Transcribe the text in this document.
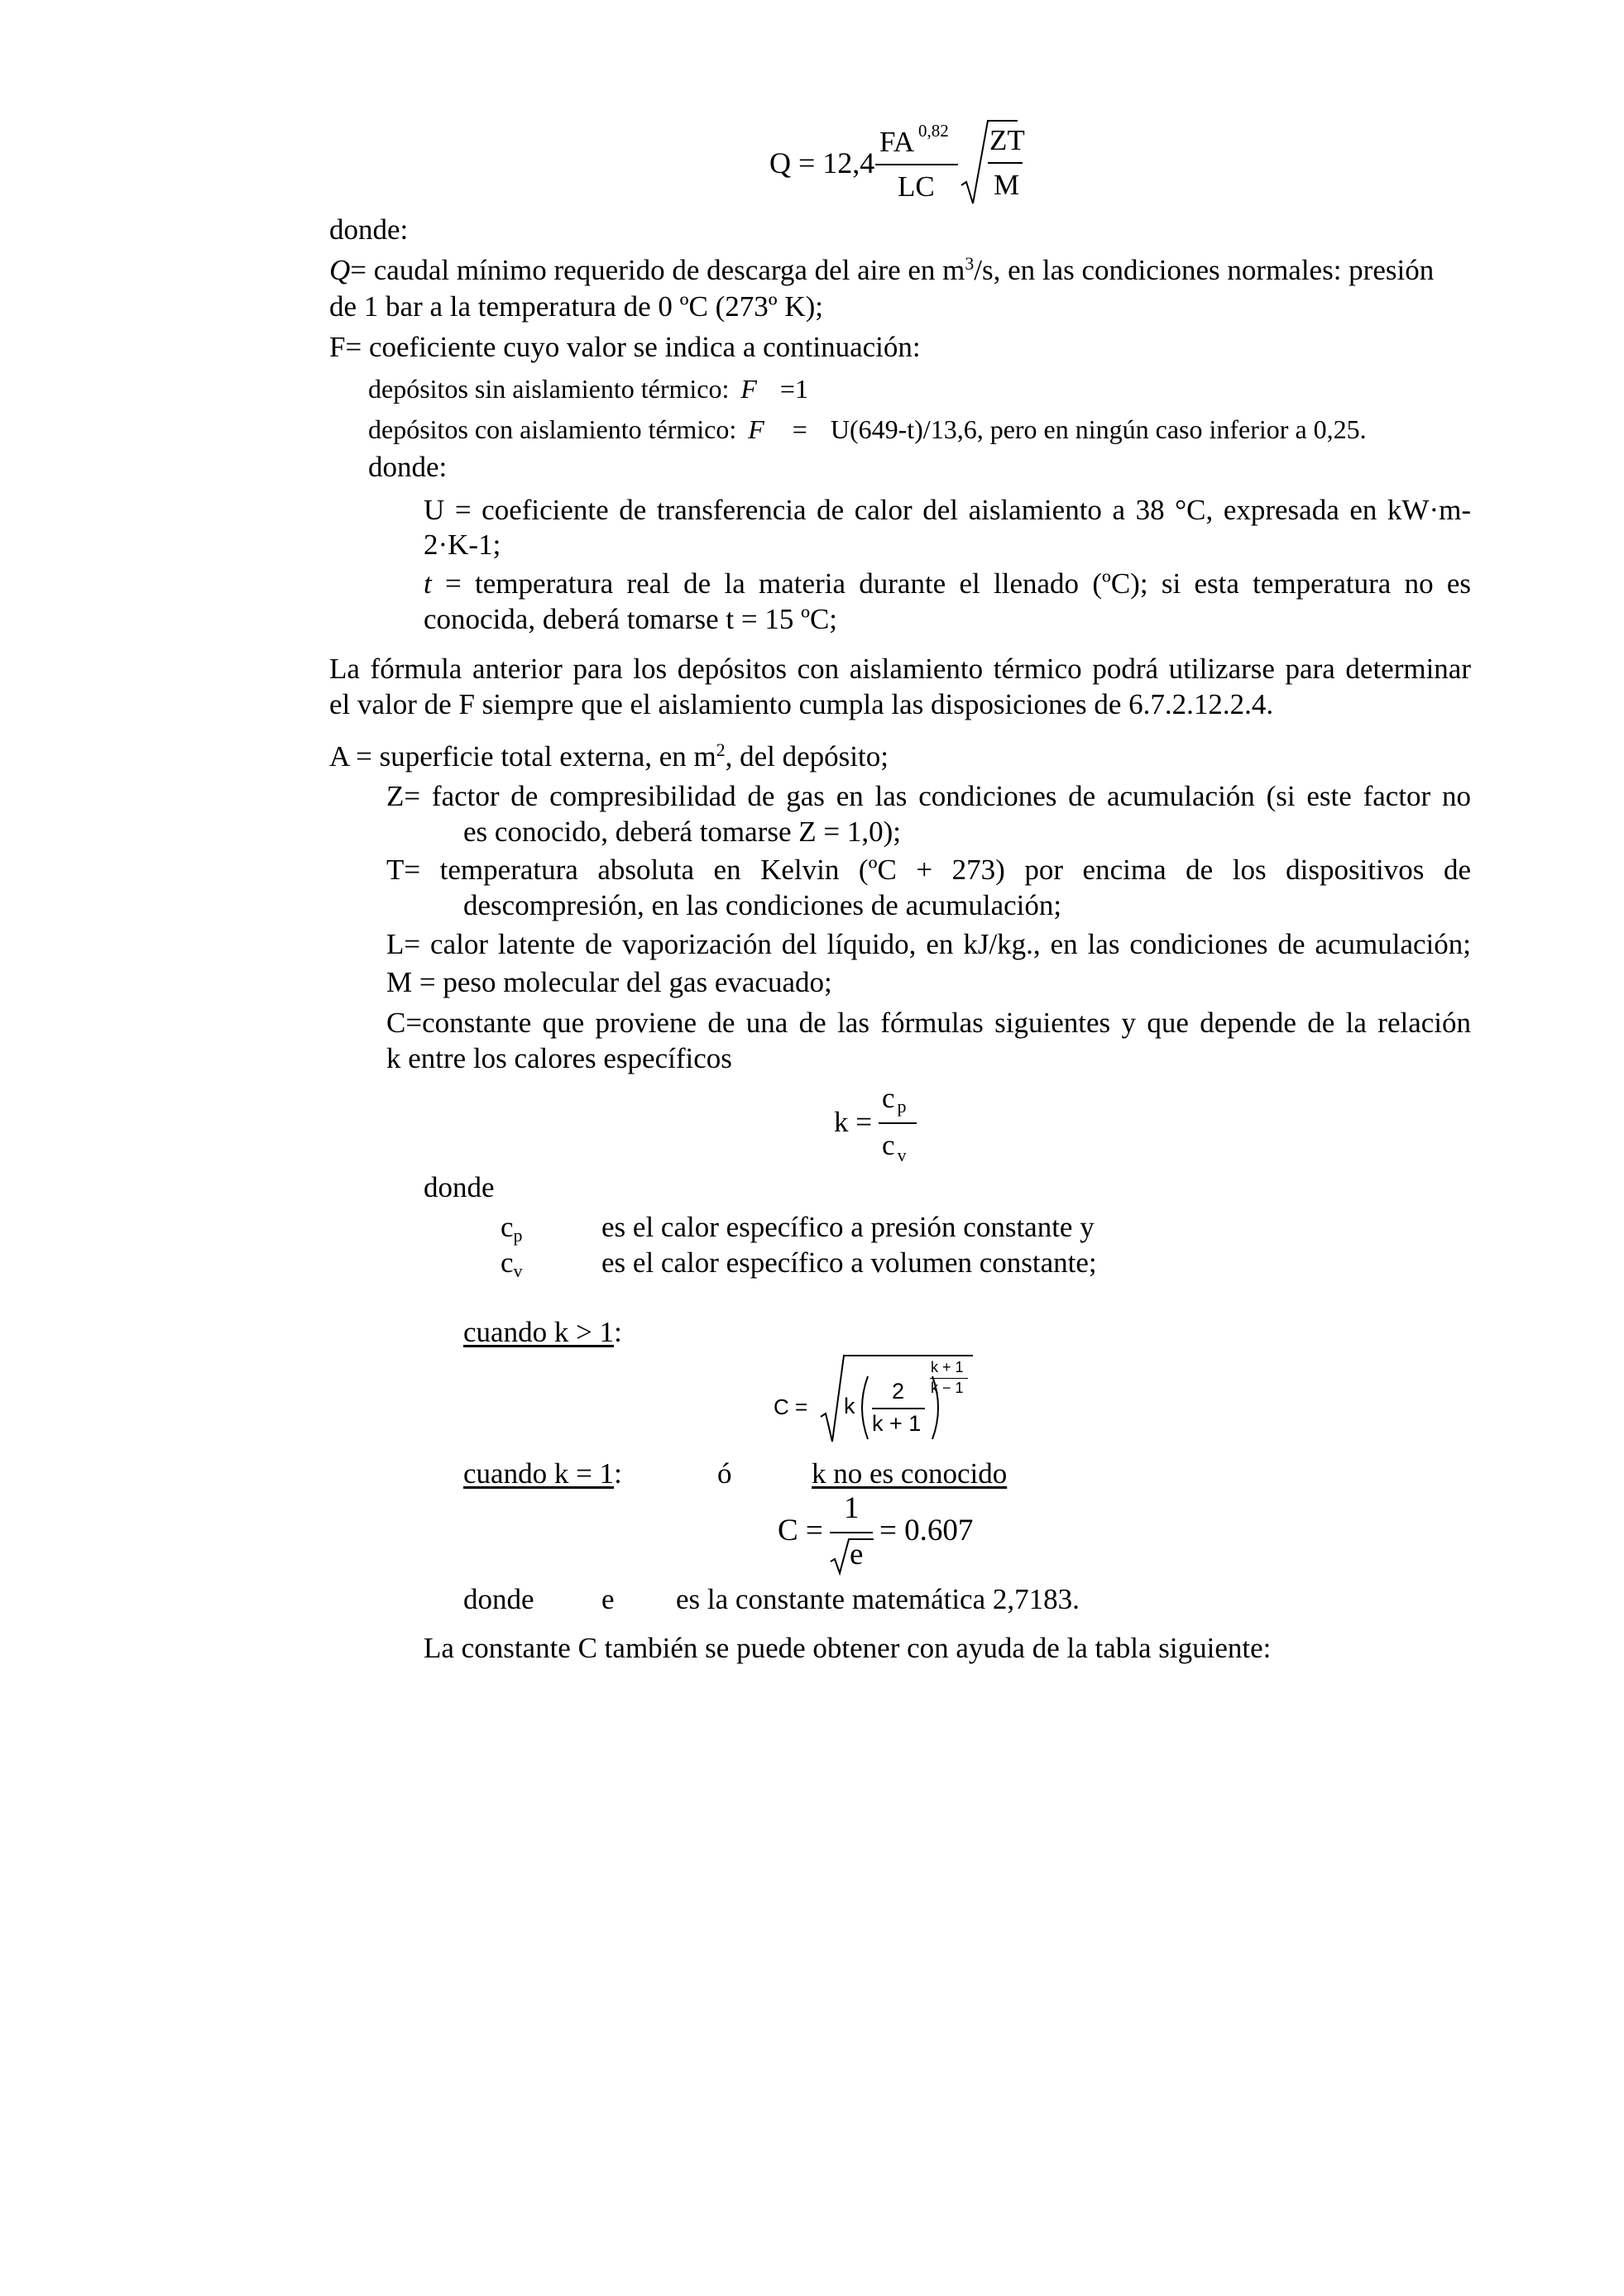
Q = 12,4
FA 0,82
LC
ZT
M
donde:
Q= caudal mínimo requerido de descarga del aire en $m^3/s$, en las condiciones normales: presión
de 1 bar a la temperatura de 0 ºC (273º K);
F= coeficiente cuyo valor se indica a continuación:
depósitos sin aislamiento térmico: F =1
depósitos con aislamiento térmico: F = U(649-t)/13,6, pero en ningún caso inferior a 0,25.
donde:
U = coeficiente de transferencia de calor del aislamiento a 38 °C, expresada en kW·m-
2·K-1;
t = temperatura real de la materia durante el llenado (ºC); si esta temperatura no es
conocida, deberá tomarse t = 15 ºC;
La fórmula anterior para los depósitos con aislamiento térmico podrá utilizarse para determinar
el valor de F siempre que el aislamiento cumpla las disposiciones de 6.7.2.12.2.4.
A = superficie total externa, en $m^2$, del depósito;
Z= factor de compresibilidad de gas en las condiciones de acumulación (si este factor no
es conocido, deberá tomarse Z = 1,0);
T= temperatura absoluta en Kelvin (ºC + 273) por encima de los dispositivos de
descompresión, en las condiciones de acumulación;
L= calor latente de vaporización del líquido, en kJ/kg., en las condiciones de acumulación;
M = peso molecular del gas evacuado;
C=constante que proviene de una de las fórmulas siguientes y que depende de la relación
k entre los calores específicos
k =
cp
c $_v$
donde
cp	es el calor específico a presión constante y
cv	es el calor específico a volumen constante;
cuando k > 1:
C = k
2
k + 1
k + 1
k − 1
cuando k = 1:	ó	k no es conocido
C =
1
e
= 0.607
donde e es la constante matemática 2,7183.
La constante C también se puede obtener con ayuda de la tabla siguiente:
